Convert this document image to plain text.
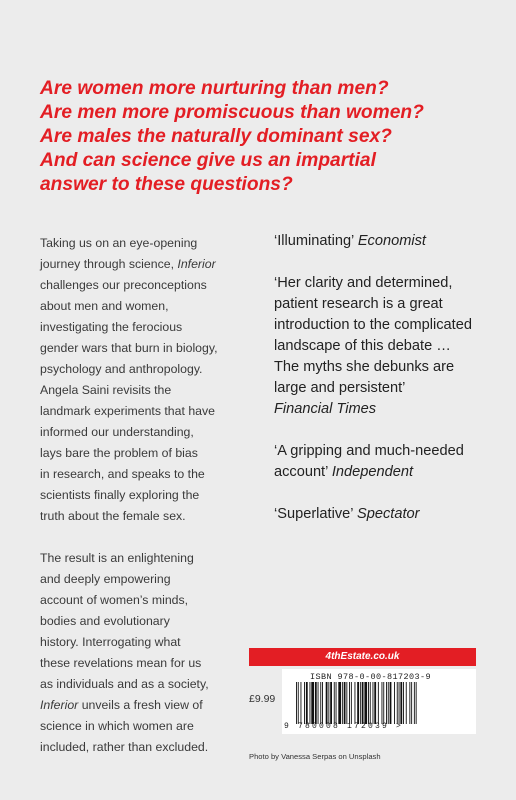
Are women more nurturing than men?
Are men more promiscuous than women?
Are males the naturally dominant sex?
And can science give us an impartial
answer to these questions?

Taking us on an eye-opening
journey through science, Inferior
challenges our preconceptions
about men and women,
investigating the ferocious
gender wars that burn in biology,
psychology and anthropology.
Angela Saini revisits the
landmark experiments that have
informed our understanding,
lays bare the problem of bias
in research, and speaks to the
scientists finally exploring the
truth about the female sex.

The result is an enlightening
and deeply empowering
account of women’s minds,
bodies and evolutionary
history. Interrogating what
these revelations mean for us
as individuals and as a society,
Inferior unveils a fresh view of
science in which women are
included, rather than excluded.

‘Illuminating’ Economist
‘Her clarity and determined,
patient research is a great
introduction to the complicated
landscape of this debate …
The myths she debunks are
large and persistent’
Financial Times
‘A gripping and much-needed
account’ Independent
‘Superlative’ Spectator
4thEstate.co.uk
£9.99
ISBN 978-0-00-817203-9
9 780008 172039 >
Photo by Vanessa Serpas on Unsplash
